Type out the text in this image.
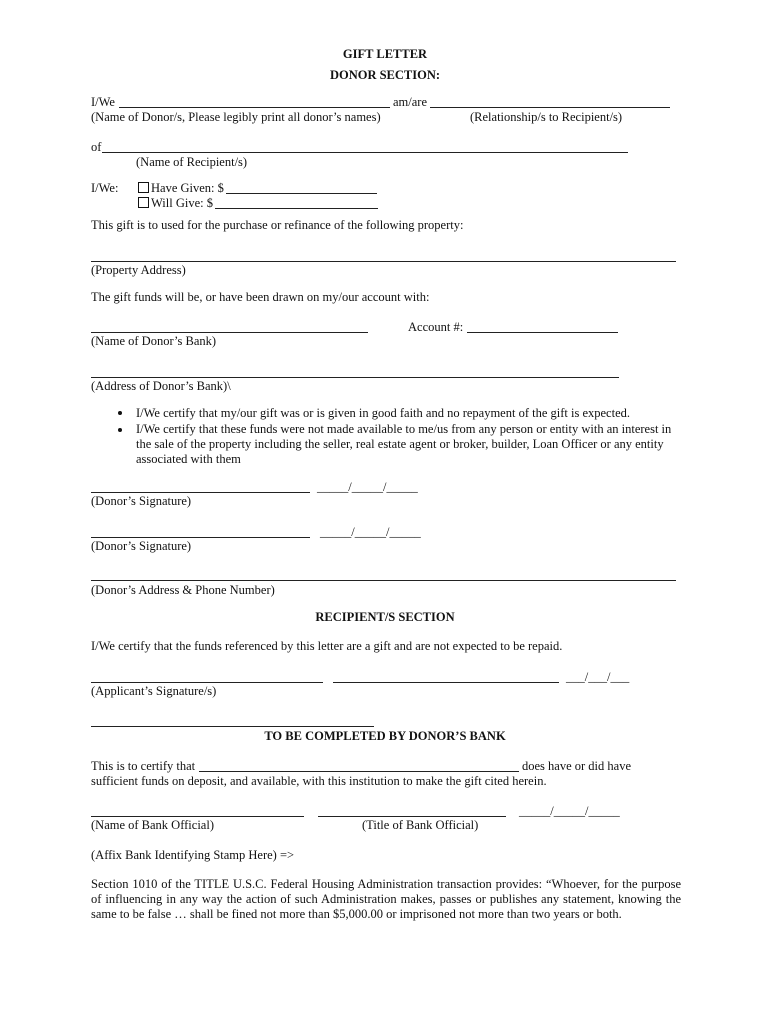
GIFT LETTER
DONOR SECTION:
I/We	am/are
(Name of Donor/s, Please legibly print all donor’s names)	(Relationship/s to Recipient/s)
of
(Name of Recipient/s)
I/We:	Have Given: $
Will Give: $
This gift is to used for the purchase or refinance of the following property:
(Property Address)
The gift funds will be, or have been drawn on my/our account with:
Account #:
(Name of Donor’s Bank)
(Address of Donor’s Bank)\
I/We certify that my/our gift was or is given in good faith and no repayment of the gift is expected.
I/We certify that these funds were not made available to me/us from any person or entity with an interest in the sale of the property including the seller, real estate agent or broker, builder, Loan Officer or any entity associated with them
_____/_____/_____
(Donor’s Signature)
_____/_____/_____
(Donor’s Signature)
(Donor’s Address & Phone Number)
RECIPIENT/S SECTION
I/We certify that the funds referenced by this letter are a gift and are not expected to be repaid.
___/___/___
(Applicant’s Signature/s)
TO BE COMPLETED BY DONOR’S BANK
This is to certify that	does have or did have
sufficient funds on deposit, and available, with this institution to make the gift cited herein.
_____/_____/_____
(Name of Bank Official)	(Title of Bank Official)
(Affix Bank Identifying Stamp Here) =>
Section 1010 of the TITLE U.S.C. Federal Housing Administration transaction provides: “Whoever, for the purpose of influencing in any way the action of such Administration makes, passes or publishes any statement, knowing the same to be false … shall be fined not more than $5,000.00 or imprisoned not more than two years or both.
